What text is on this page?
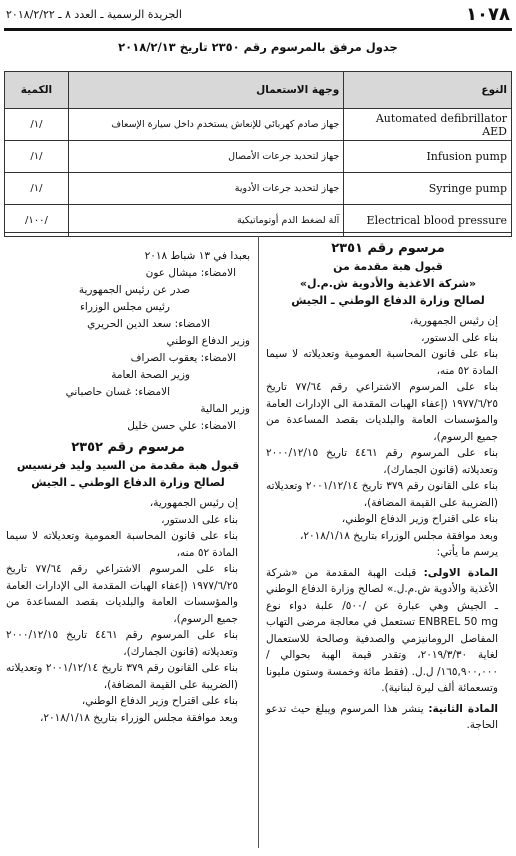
١٠٧٨
الجريدة الرسمية ـ العدد ٨ ـ ٢٠١٨/٢/٢٢
جدول مرفق بالمرسوم رقم ٢٣٥٠ تاريخ ٢٠١٨/٢/١٣
النوع	وجهة الاستعمال	الكمية
Automated defibrillator AED	جهاز صادم كهربائي للإنعاش يستخدم داخل سيارة الإسعاف	/١/
Infusion pump	جهاز لتحديد جرعات الأمصال	/١/
Syringe pump	جهاز لتحديد جرعات الأدوية	/١/
Electrical blood pressure	آلة لضغط الدم أوتوماتيكية	/١٠٠/
مرسوم رقم ٢٣٥١
قبول هبة مقدمة من
«شركة الاغذية والأدوية ش.م.ل»
لصالح وزارة الدفاع الوطني ـ الجيش
إن رئيس الجمهورية،
بناء على الدستور،
بناء على قانون المحاسبة العمومية وتعديلاته لا سيما المادة ٥٢ منه،
بناء على المرسوم الاشتراعي رقم ٧٧/٦٤ تاريخ ١٩٧٧/٦/٢٥ (إعفاء الهبات المقدمة الى الإدارات العامة والمؤسسات العامة والبلديات بقصد المساعدة من جميع الرسوم)،
بناء على المرسوم رقم ٤٤٦١ تاريخ ٢٠٠٠/١٢/١٥ وتعديلاته (قانون الجمارك)،
بناء على القانون رقم ٣٧٩ تاريخ ٢٠٠١/١٢/١٤ وتعديلاته (الضريبة على القيمة المضافة)،
بناء على اقتراح وزير الدفاع الوطني،
وبعد موافقة مجلس الوزراء بتاريخ ٢٠١٨/١/١٨،
يرسم ما يأتي:
المادة الاولى: قبلت الهبة المقدمة من «شركة الأغذية والأدوية ش.م.ل.» لصالح وزارة الدفاع الوطني ـ الجيش وهي عبارة عن /٥٠٠/ علبة دواء نوع ENBREL 50 mg تستعمل في معالجة مرضى التهاب المفاصل الرومانيزمي والصدفية وصالحة للاستعمال لغاية ٢٠١٩/٣/٣٠، وتقدر قيمة الهبة بحوالي /١٦٥,٩٠٠,٠٠٠/ ل.ل. (فقط مائة وخمسة وستون مليونا وتسعمائة ألف ليرة لبنانية).
المادة الثانية: ينشر هذا المرسوم ويبلغ حيث تدعو الحاجة.
بعبدا في ١٣ شباط ٢٠١٨
الامضاء: ميشال عون
صدر عن رئيس الجمهورية
رئيس مجلس الوزراء
الامضاء: سعد الدين الحريري
وزير الدفاع الوطني
الامضاء: يعقوب الصراف
وزير الصحة العامة
الامضاء: غسان حاصباني
وزير المالية
الامضاء: علي حسن خليل
مرسوم رقم ٢٣٥٢
قبول هبة مقدمة من السيد وليد فرنسيس
لصالح وزارة الدفاع الوطني ـ الجيش
إن رئيس الجمهورية،
بناء على الدستور،
بناء على قانون المحاسبة العمومية وتعديلاته لا سيما المادة ٥٢ منه،
بناء على المرسوم الاشتراعي رقم ٧٧/٦٤ تاريخ ١٩٧٧/٦/٢٥ (إعفاء الهبات المقدمة الى الإدارات العامة والمؤسسات العامة والبلديات بقصد المساعدة من جميع الرسوم)،
بناء على المرسوم رقم ٤٤٦١ تاريخ ٢٠٠٠/١٢/١٥ وتعديلاته (قانون الجمارك)،
بناء على القانون رقم ٣٧٩ تاريخ ٢٠٠١/١٢/١٤ وتعديلاته (الضريبة على القيمة المضافة)،
بناء على اقتراح وزير الدفاع الوطني،
وبعد موافقة مجلس الوزراء بتاريخ ٢٠١٨/١/١٨،
